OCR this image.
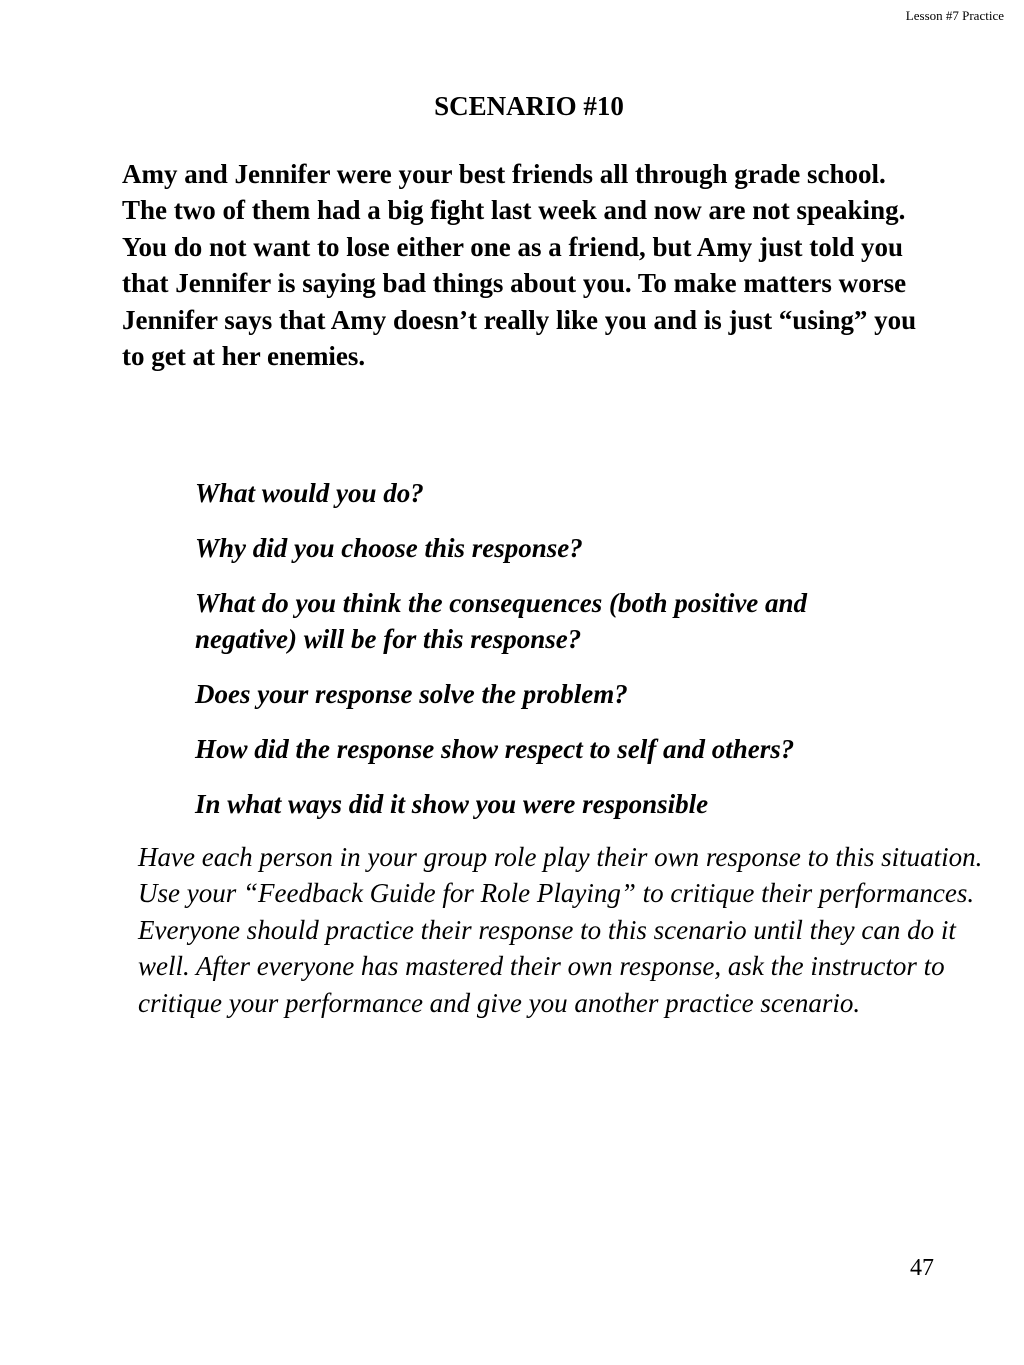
Lesson #7 Practice
SCENARIO #10

Amy and Jennifer were your best friends all through grade school. The two of them had a big fight last week and now are not speaking. You do not want to lose either one as a friend, but Amy just told you that Jennifer is saying bad things about you. To make matters worse Jennifer says that Amy doesn’t really like you and is just “using” you to get at her enemies.

What would you do?
Why did you choose this response?
What do you think the consequences (both positive and negative) will be for this response?
Does your response solve the problem?
How did the response show respect to self and others?
In what ways did it show you were responsible

Have each person in your group role play their own response to this situation. Use your “Feedback Guide for Role Playing” to critique their performances. Everyone should practice their response to this scenario until they can do it well. After everyone has mastered their own response, ask the instructor to critique your performance and give you another practice scenario.

47
